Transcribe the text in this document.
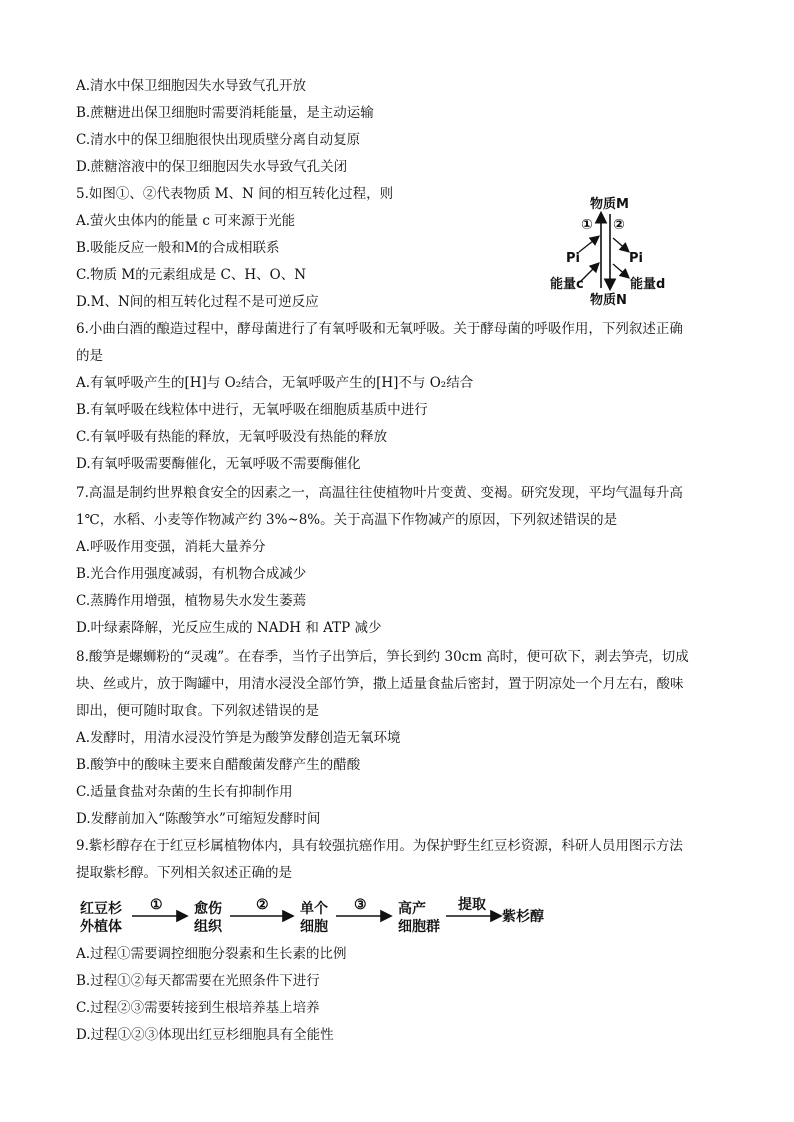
A.清水中保卫细胞因失水导致气孔开放
B.蔗糖进出保卫细胞时需要消耗能量，是主动运输
C.清水中的保卫细胞很快出现质壁分离自动复原
D.蔗糖溶液中的保卫细胞因失水导致气孔关闭
5.如图①、②代表物质 M、N 间的相互转化过程，则
A.萤火虫体内的能量 c 可来源于光能
B.吸能反应一般和M的合成相联系
C.物质 M的元素组成是 C、H、O、N
D.M、N间的相互转化过程不是可逆反应
物质M
物质N
① ②
Pi	Pi
能量c	能量d
6.小曲白酒的酿造过程中，酵母菌进行了有氧呼吸和无氧呼吸。关于酵母菌的呼吸作用，下列叙述正确
的是
A.有氧呼吸产生的[H]与 O₂结合，无氧呼吸产生的[H]不与 O₂结合
B.有氧呼吸在线粒体中进行，无氧呼吸在细胞质基质中进行
C.有氧呼吸有热能的释放，无氧呼吸没有热能的释放
D.有氧呼吸需要酶催化，无氧呼吸不需要酶催化
7.高温是制约世界粮食安全的因素之一，高温往往使植物叶片变黄、变褐。研究发现，平均气温每升高
1℃，水稻、小麦等作物减产约 3%~8%。关于高温下作物减产的原因，下列叙述错误的是
A.呼吸作用变强，消耗大量养分
B.光合作用强度减弱，有机物合成减少
C.蒸腾作用增强，植物易失水发生萎蔫
D.叶绿素降解，光反应生成的 NADH 和 ATP 减少
8.酸笋是螺蛳粉的“灵魂”。在春季，当竹子出笋后，笋长到约 30cm 高时，便可砍下，剥去笋壳，切成
块、丝或片，放于陶罐中，用清水浸没全部竹笋，撒上适量食盐后密封，置于阴凉处一个月左右，酸味
即出，便可随时取食。下列叙述错误的是
A.发酵时，用清水浸没竹笋是为酸笋发酵创造无氧环境
B.酸笋中的酸味主要来自醋酸菌发酵产生的醋酸
C.适量食盐对杂菌的生长有抑制作用
D.发酵前加入“陈酸笋水”可缩短发酵时间
9.紫杉醇存在于红豆杉属植物体内，具有较强抗癌作用。为保护野生红豆杉资源，科研人员用图示方法
提取紫杉醇。下列相关叙述正确的是
红豆杉
外植体
① 愈伤
组织
② 单个
细胞
③ 高产
细胞群
提取
紫杉醇
A.过程①需要调控细胞分裂素和生长素的比例
B.过程①②每天都需要在光照条件下进行
C.过程②③需要转接到生根培养基上培养
D.过程①②③体现出红豆杉细胞具有全能性
